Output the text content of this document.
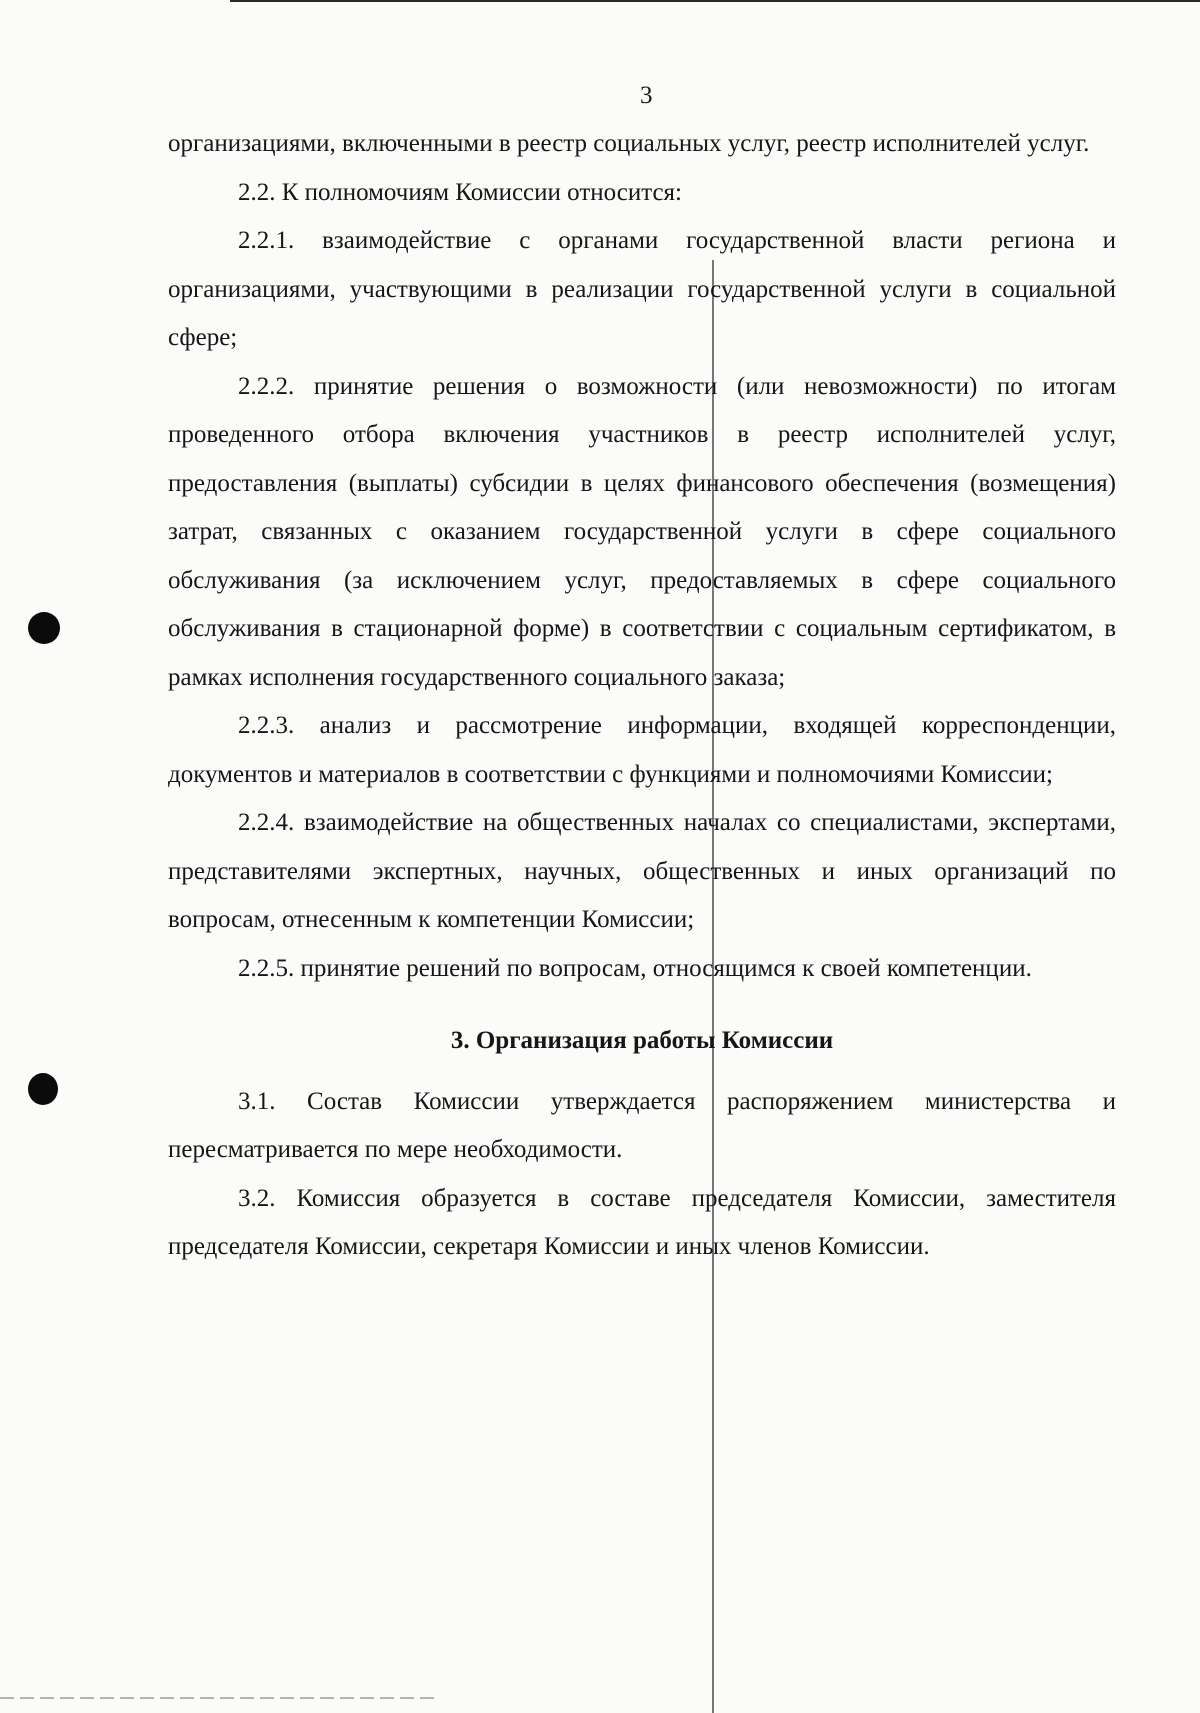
3

организациями, включенными в реестр социальных услуг, реестр исполнителей услуг.

2.2. К полномочиям Комиссии относится:

2.2.1. взаимодействие с органами государственной власти региона и организациями, участвующими в реализации государственной услуги в социальной сфере;

2.2.2. принятие решения о возможности (или невозможности) по итогам проведенного отбора включения участников в реестр исполнителей услуг, предоставления (выплаты) субсидии в целях финансового обеспечения (возмещения) затрат, связанных с оказанием государственной услуги в сфере социального обслуживания (за исключением услуг, предоставляемых в сфере социального обслуживания в стационарной форме) в соответствии с социальным сертификатом, в рамках исполнения государственного социального заказа;

2.2.3. анализ и рассмотрение информации, входящей корреспонденции, документов и материалов в соответствии с функциями и полномочиями Комиссии;

2.2.4. взаимодействие на общественных началах со специалистами, экспертами, представителями экспертных, научных, общественных и иных организаций по вопросам, отнесенным к компетенции Комиссии;

2.2.5. принятие решений по вопросам, относящимся к своей компетенции.

3. Организация работы Комиссии

3.1. Состав Комиссии утверждается распоряжением министерства и пересматривается по мере необходимости.

3.2. Комиссия образуется в составе председателя Комиссии, заместителя председателя Комиссии, секретаря Комиссии и иных членов Комиссии.
